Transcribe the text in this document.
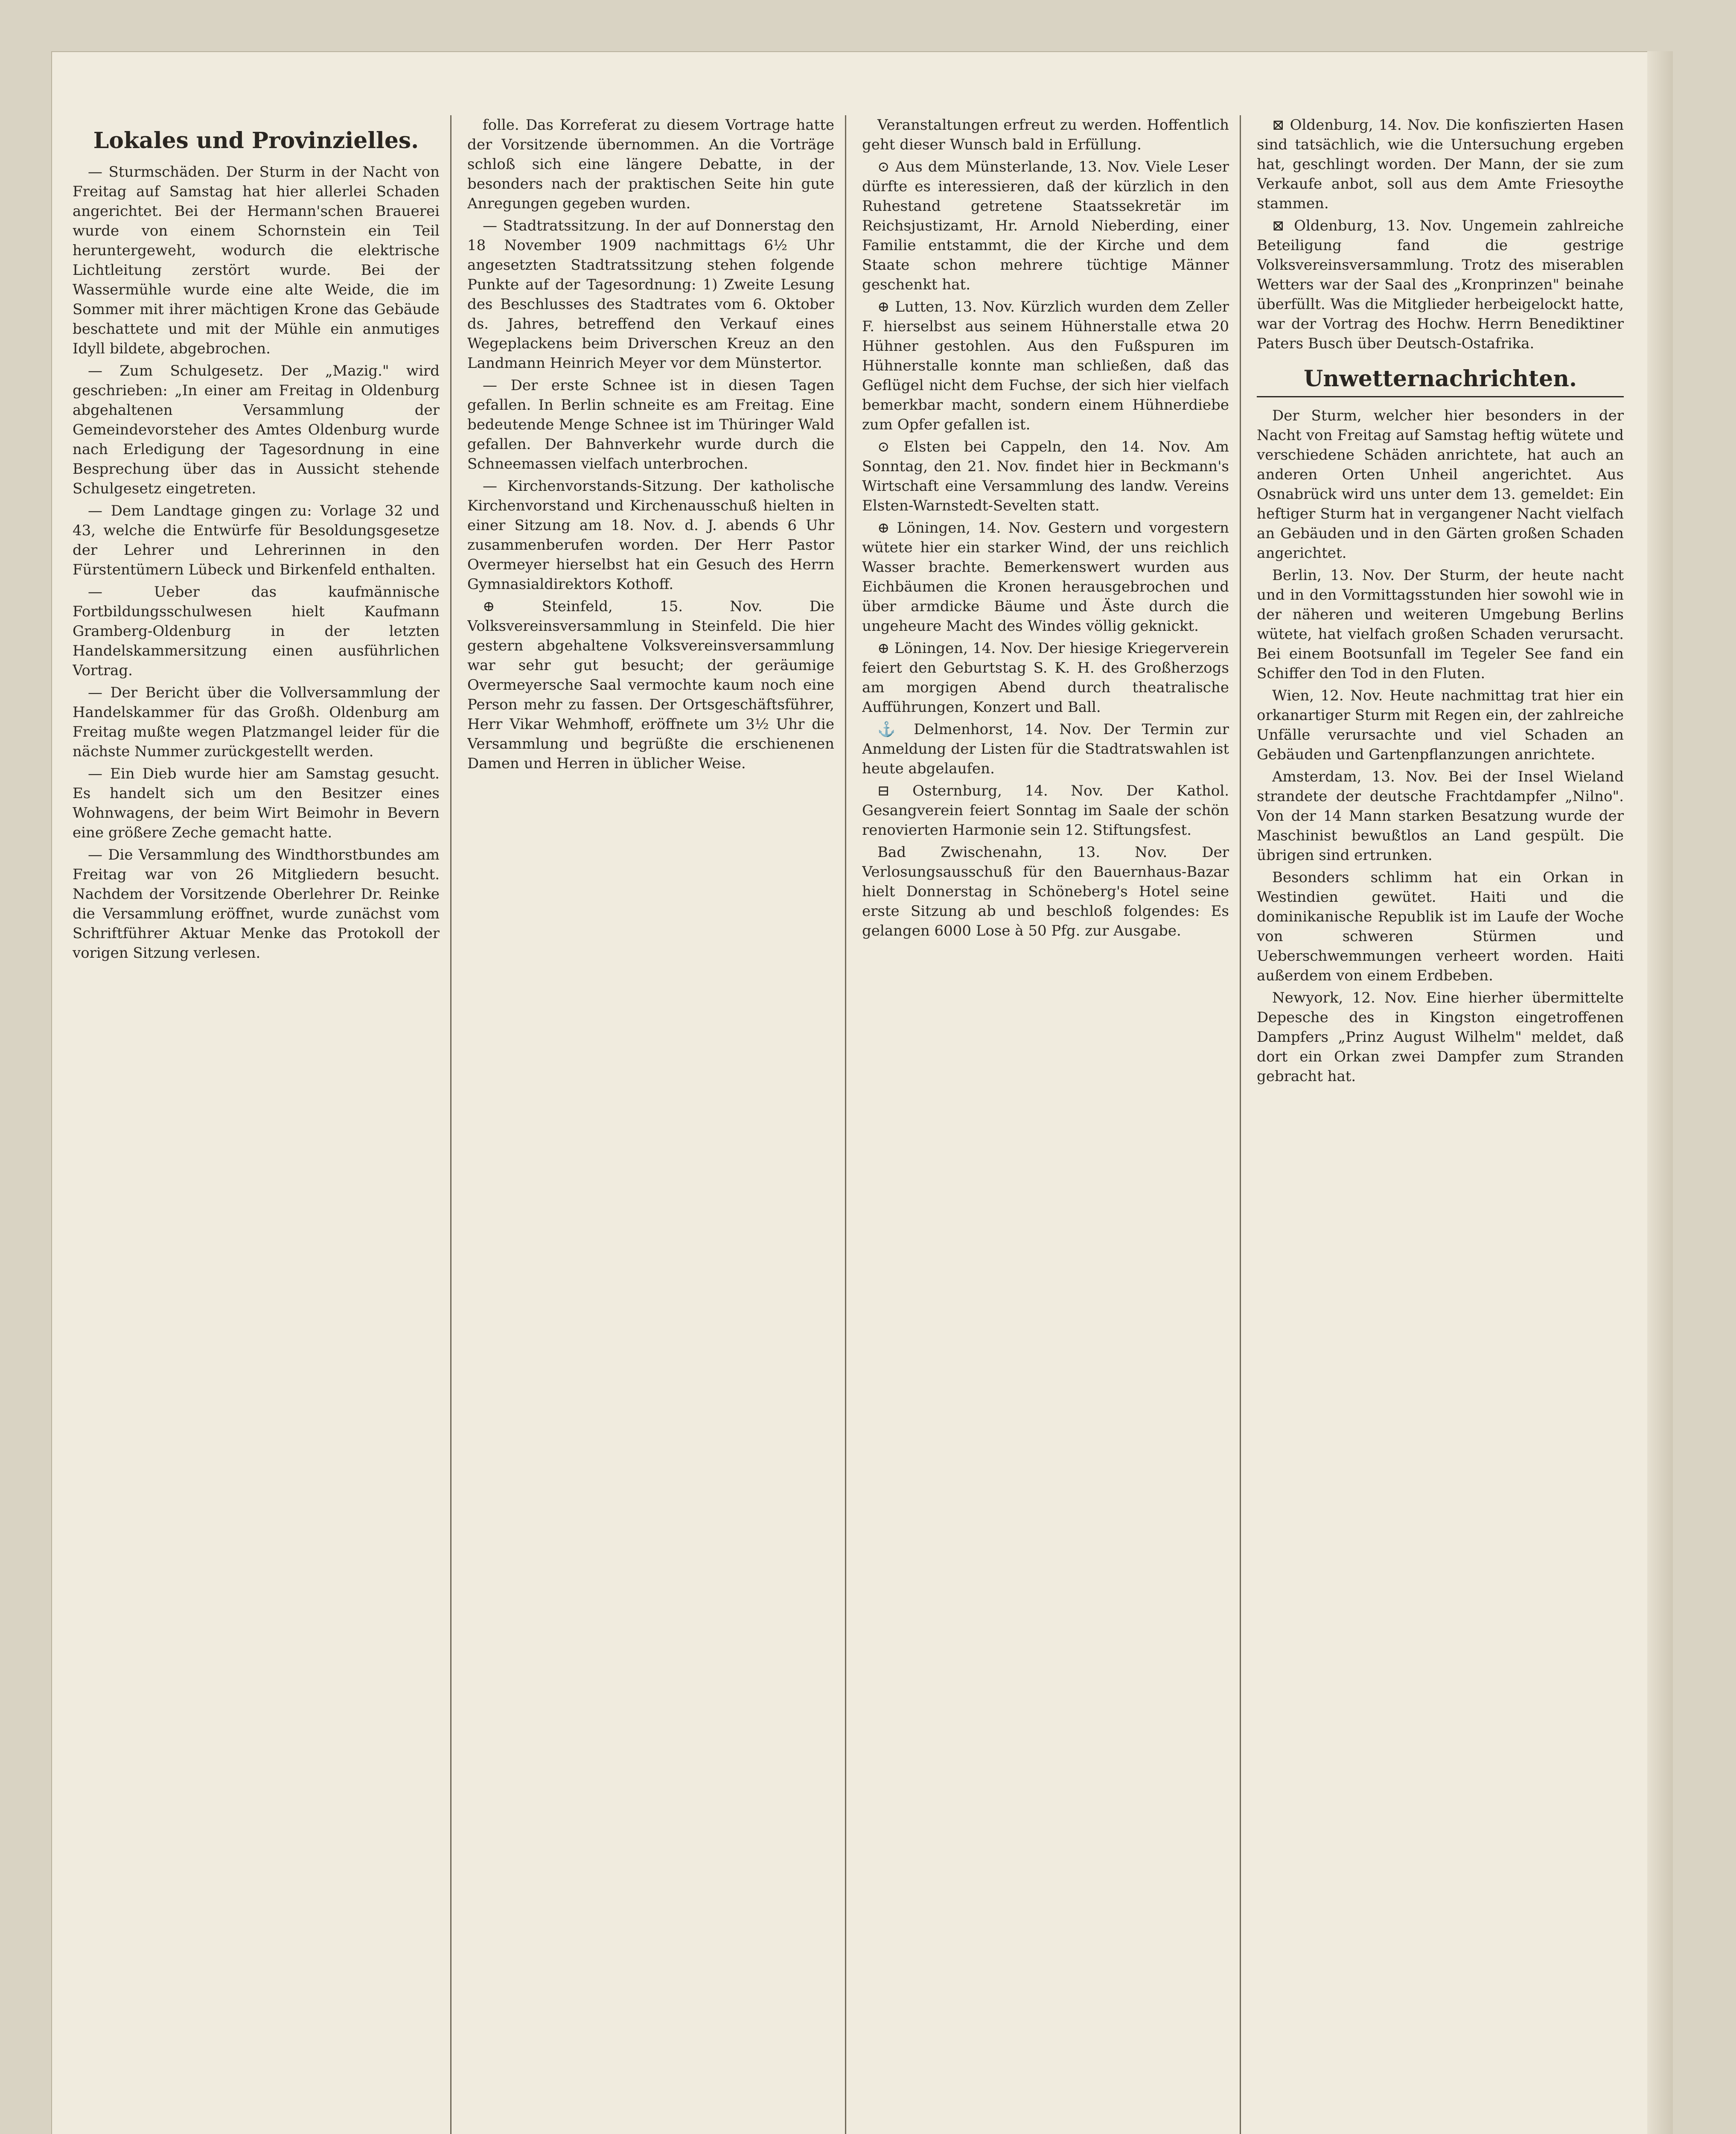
Lokales und Provinzielles.

— Sturmschäden. Der Sturm in der Nacht von Freitag auf Samstag hat hier allerlei Schaden angerichtet. Bei der Hermann'schen Brauerei wurde von einem Schornstein ein Teil heruntergeweht, wodurch die elektrische Lichtleitung zerstört wurde. Bei der Wassermühle wurde eine alte Weide, die im Sommer mit ihrer mächtigen Krone das Gebäude beschattete und mit der Mühle ein anmutiges Idyll bildete, abgebrochen.

— Zum Schulgesetz. Der „Mazig." wird geschrieben: „In einer am Freitag in Oldenburg abgehaltenen Versammlung der Gemeindevorsteher des Amtes Oldenburg wurde nach Erledigung der Tagesordnung in eine Besprechung über das in Aussicht stehende Schulgesetz eingetreten.

— Dem Landtage gingen zu: Vorlage 32 und 43, welche die Entwürfe für Besoldungsgesetze der Lehrer und Lehrerinnen in den Fürstentümern Lübeck und Birkenfeld enthalten.

— Ueber das kaufmännische Fortbildungsschulwesen hielt Kaufmann Gramberg-Oldenburg in der letzten Handelskammersitzung einen ausführlichen Vortrag.

— Der Bericht über die Vollversammlung der Handelskammer für das Großh. Oldenburg am Freitag mußte wegen Platzmangel leider für die nächste Nummer zurückgestellt werden.

— Ein Dieb wurde hier am Samstag gesucht. Es handelt sich um den Besitzer eines Wohnwagens, der beim Wirt Beimohr in Bevern eine größere Zeche gemacht hatte.

— Die Versammlung des Windthorstbundes am Freitag war von 26 Mitgliedern besucht. Nachdem der Vorsitzende Oberlehrer Dr. Reinke die Versammlung eröffnet, wurde zunächst vom Schriftführer Aktuar Menke das Protokoll der vorigen Sitzung verlesen.

folle. Das Korreferat zu diesem Vortrage hatte der Vorsitzende übernommen. An die Vorträge schloß sich eine längere Debatte, in der besonders nach der praktischen Seite hin gute Anregungen gegeben wurden.

— Stadtratssitzung. In der auf Donnerstag den 18 November 1909 nachmittags 6½ Uhr angesetzten Stadtratssitzung stehen folgende Punkte auf der Tagesordnung: 1) Zweite Lesung des Beschlusses des Stadtrates vom 6. Oktober ds. Jahres, betreffend den Verkauf eines Wegeplackens beim Driverschen Kreuz an den Landmann Heinrich Meyer vor dem Münstertor.

— Der erste Schnee ist in diesen Tagen gefallen. In Berlin schneite es am Freitag. Eine bedeutende Menge Schnee ist im Thüringer Wald gefallen. Der Bahnverkehr wurde durch die Schneemassen vielfach unterbrochen.

— Kirchenvorstands-Sitzung. Der katholische Kirchenvorstand und Kirchenausschuß hielten in einer Sitzung am 18. Nov. d. J. abends 6 Uhr zusammenberufen worden. Der Herr Pastor Overmeyer hierselbst hat ein Gesuch des Herrn Gymnasialdirektors Kothoff.

⊕ Steinfeld, 15. Nov. Die Volksvereinsversammlung in Steinfeld. Die hier gestern abgehaltene Volksvereinsversammlung war sehr gut besucht; der geräumige Overmeyersche Saal vermochte kaum noch eine Person mehr zu fassen. Der Ortsgeschäftsführer, Herr Vikar Wehmhoff, eröffnete um 3½ Uhr die Versammlung und begrüßte die erschienenen Damen und Herren in üblicher Weise.

Veranstaltungen erfreut zu werden. Hoffentlich geht dieser Wunsch bald in Erfüllung.

⊙ Aus dem Münsterlande, 13. Nov. Viele Leser dürfte es interessieren, daß der kürzlich in den Ruhestand getretene Staatssekretär im Reichsjustizamt, Hr. Arnold Nieberding, einer Familie entstammt, die der Kirche und dem Staate schon mehrere tüchtige Männer geschenkt hat.

⊕ Lutten, 13. Nov. Kürzlich wurden dem Zeller F. hierselbst aus seinem Hühnerstalle etwa 20 Hühner gestohlen. Aus den Fußspuren im Hühnerstalle konnte man schließen, daß das Geflügel nicht dem Fuchse, der sich hier vielfach bemerkbar macht, sondern einem Hühnerdiebe zum Opfer gefallen ist.

⊙ Elsten bei Cappeln, den 14. Nov. Am Sonntag, den 21. Nov. findet hier in Beckmann's Wirtschaft eine Versammlung des landw. Vereins Elsten-Warnstedt-Sevelten statt.

⊕ Löningen, 14. Nov. Gestern und vorgestern wütete hier ein starker Wind, der uns reichlich Wasser brachte. Bemerkenswert wurden aus Eichbäumen die Kronen herausgebrochen und über armdicke Bäume und Äste durch die ungeheure Macht des Windes völlig geknickt.

⊕ Löningen, 14. Nov. Der hiesige Kriegerverein feiert den Geburtstag S. K. H. des Großherzogs am morgigen Abend durch theatralische Aufführungen, Konzert und Ball.

⚓ Delmenhorst, 14. Nov. Der Termin zur Anmeldung der Listen für die Stadtratswahlen ist heute abgelaufen.

⊟ Osternburg, 14. Nov. Der Kathol. Gesangverein feiert Sonntag im Saale der schön renovierten Harmonie sein 12. Stiftungsfest.

Bad Zwischenahn, 13. Nov. Der Verlosungsausschuß für den Bauernhaus-Bazar hielt Donnerstag in Schöneberg's Hotel seine erste Sitzung ab und beschloß folgendes: Es gelangen 6000 Lose à 50 Pfg. zur Ausgabe.

⊠ Oldenburg, 14. Nov. Die konfiszierten Hasen sind tatsächlich, wie die Untersuchung ergeben hat, geschlingt worden. Der Mann, der sie zum Verkaufe anbot, soll aus dem Amte Friesoythe stammen.

⊠ Oldenburg, 13. Nov. Ungemein zahlreiche Beteiligung fand die gestrige Volksvereinsversammlung. Trotz des miserablen Wetters war der Saal des „Kronprinzen" beinahe überfüllt. Was die Mitglieder herbeigelockt hatte, war der Vortrag des Hochw. Herrn Benediktiner Paters Busch über Deutsch-Ostafrika.

Unwetternachrichten.

Der Sturm, welcher hier besonders in der Nacht von Freitag auf Samstag heftig wütete und verschiedene Schäden anrichtete, hat auch an anderen Orten Unheil angerichtet. Aus Osnabrück wird uns unter dem 13. gemeldet: Ein heftiger Sturm hat in vergangener Nacht vielfach an Gebäuden und in den Gärten großen Schaden angerichtet.

Berlin, 13. Nov. Der Sturm, der heute nacht und in den Vormittagsstunden hier sowohl wie in der näheren und weiteren Umgebung Berlins wütete, hat vielfach großen Schaden verursacht. Bei einem Bootsunfall im Tegeler See fand ein Schiffer den Tod in den Fluten.

Wien, 12. Nov. Heute nachmittag trat hier ein orkanartiger Sturm mit Regen ein, der zahlreiche Unfälle verursachte und viel Schaden an Gebäuden und Gartenpflanzungen anrichtete.

Amsterdam, 13. Nov. Bei der Insel Wieland strandete der deutsche Frachtdampfer „Nilno". Von der 14 Mann starken Besatzung wurde der Maschinist bewußtlos an Land gespült. Die übrigen sind ertrunken.

Besonders schlimm hat ein Orkan in Westindien gewütet. Haiti und die dominikanische Republik ist im Laufe der Woche von schweren Stürmen und Ueberschwemmungen verheert worden. Haiti außerdem von einem Erdbeben.

Newyork, 12. Nov. Eine hierher übermittelte Depesche des in Kingston eingetroffenen Dampfers „Prinz August Wilhelm" meldet, daß dort ein Orkan zwei Dampfer zum Stranden gebracht hat.
